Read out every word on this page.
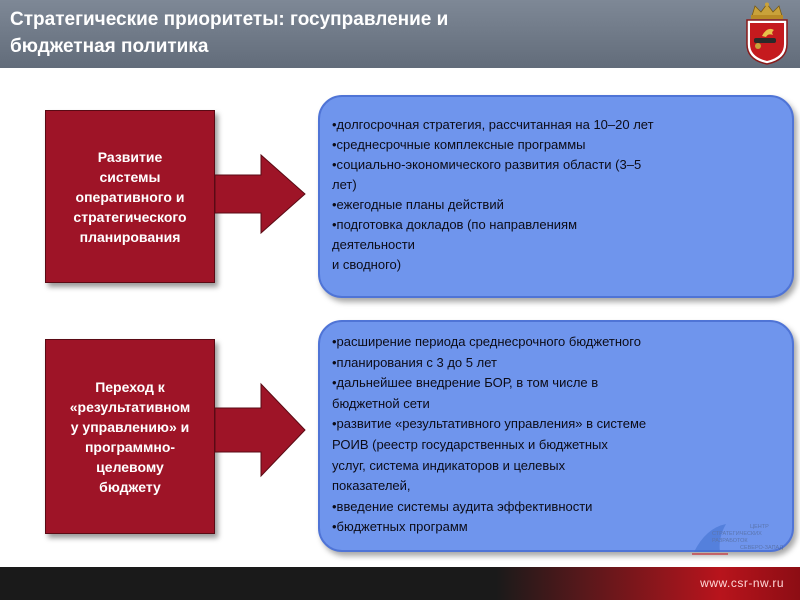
Стратегические приоритеты: госуправление и
бюджетная политика
Развитие
системы
оперативного и
стратегического
планирования
•долгосрочная стратегия, рассчитанная на 10–20 лет
•среднесрочные комплексные программы
•социально-экономического развития области (3–5
лет)
•ежегодные планы действий
•подготовка докладов (по направлениям
деятельности
и сводного)
Переход к
«результативном
у управлению» и
программно-
целевому
бюджету
•расширение периода среднесрочного бюджетного
•планирования с 3 до 5 лет
•дальнейшее внедрение БОР, в том числе в
бюджетной сети
•развитие «результативного управления» в системе
РОИВ (реестр государственных и бюджетных
услуг, система индикаторов и целевых
показателей,
•введение системы аудита эффективности
•бюджетных программ	ЦЕНТР
СТРАТЕГИЧЕСКИХ
РАЗРАБОТОК
СЕВЕРО-ЗАПАД
www.csr-nw.ru
